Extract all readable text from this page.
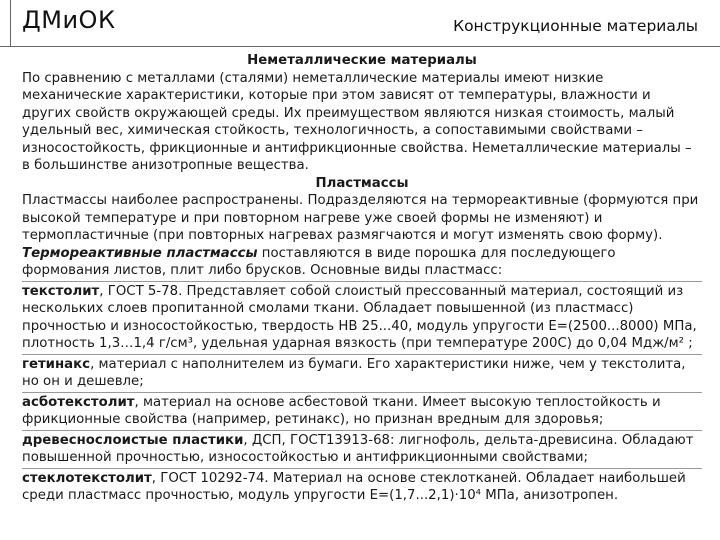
ДМиОК	Конструкционные материалы

Неметаллические материалы

По сравнению с металлами (сталями) неметаллические материалы имеют низкие механические характеристики, которые при этом зависят от температуры, влажности и других свойств окружающей среды. Их преимуществом являются низкая стоимость, малый удельный вес, химическая стойкость, технологичность, а сопоставимыми свойствами – износостойкость, фрикционные и антифрикционные свойства. Неметаллические материалы – в большинстве анизотропные вещества.

Пластмассы

Пластмассы наиболее распространены. Подразделяются на термореактивные (формуются при высокой температуре и при повторном нагреве уже своей формы не изменяют) и термопластичные (при повторных нагревах размягчаются и могут изменять свою форму).

Термореактивные пластмассы поставляются в виде порошка для последующего формования листов, плит либо брусков. Основные виды пластмасс:

текстолит, ГОСТ 5-78. Представляет собой слоистый прессованный материал, состоящий из нескольких слоев пропитанной смолами ткани. Обладает повышенной (из пластмасс) прочностью и износостойкостью, твердость НВ 25...40, модуль упругости Е=(2500...8000) МПа, плотность 1,3…1,4 г/см³, удельная ударная вязкость (при температуре 200С) до 0,04 Мдж/м² ;

гетинакс, материал с наполнителем из бумаги. Его характеристики ниже, чем у текстолита, но он и дешевле;

асботекстолит, материал на основе асбестовой ткани. Имеет высокую теплостойкость и фрикционные свойства (например, ретинакс), но признан вредным для здоровья;

древеснослоистые пластики, ДСП, ГОСТ13913-68: лигнофоль, дельта-древисина. Обладают повышенной прочностью, износостойкостью и антифрикционными свойствами;

стеклотекстолит, ГОСТ 10292-74. Материал на основе стеклотканей. Обладает наибольшей среди пластмасс прочностью, модуль упругости Е=(1,7...2,1)·10⁴ МПа, анизотропен.
